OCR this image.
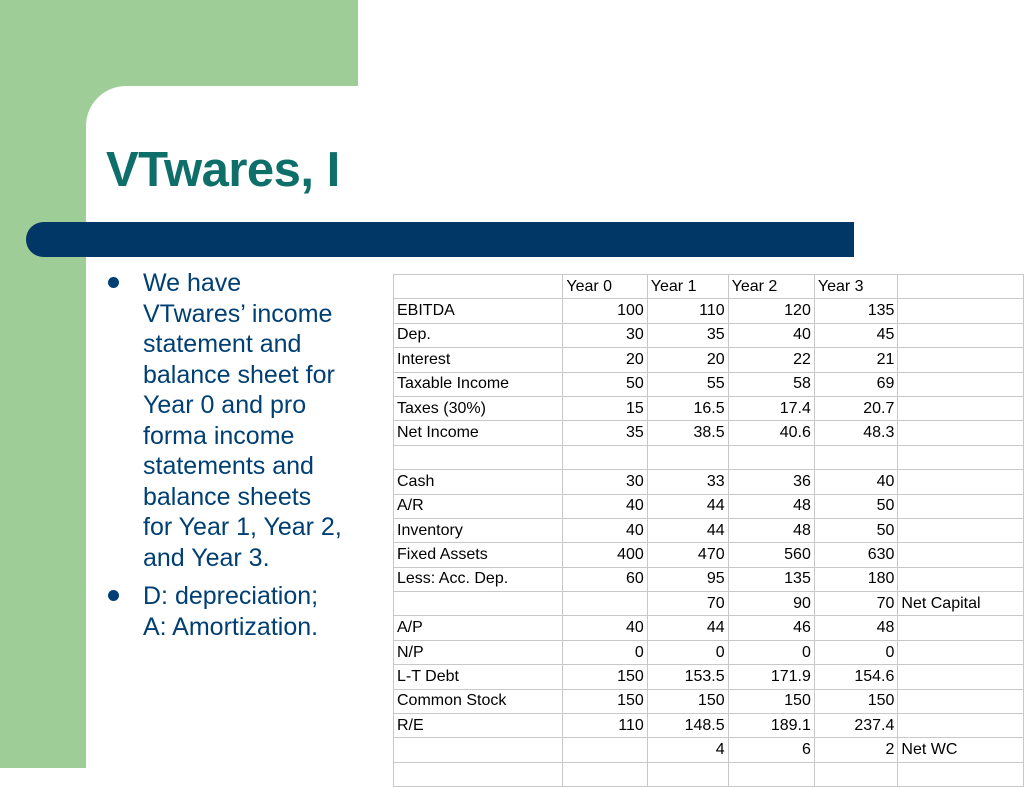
VTwares, I
We have
VTwares’ income
statement and
balance sheet for
Year 0 and pro
forma income
statements and
balance sheets
for Year 1, Year 2,
and Year 3.
D: depreciation;
A: Amortization.
	Year 0	Year 1	Year 2	Year 3	
EBITDA	100	110	120	135	
Dep.	30	35	40	45	
Interest	20	20	22	21	
Taxable Income	50	55	58	69	
Taxes (30%)	15	16.5	17.4	20.7	
Net Income	35	38.5	40.6	48.3	

Cash	30	33	36	40	
A/R	40	44	48	50	
Inventory	40	44	48	50	
Fixed Assets	400	470	560	630	
Less: Acc. Dep.	60	95	135	180	
		70	90	70	Net Capital
A/P	40	44	46	48	
N/P	0	0	0	0	
L-T Debt	150	153.5	171.9	154.6	
Common Stock	150	150	150	150	
R/E	110	148.5	189.1	237.4	
		4	6	2	Net WC
